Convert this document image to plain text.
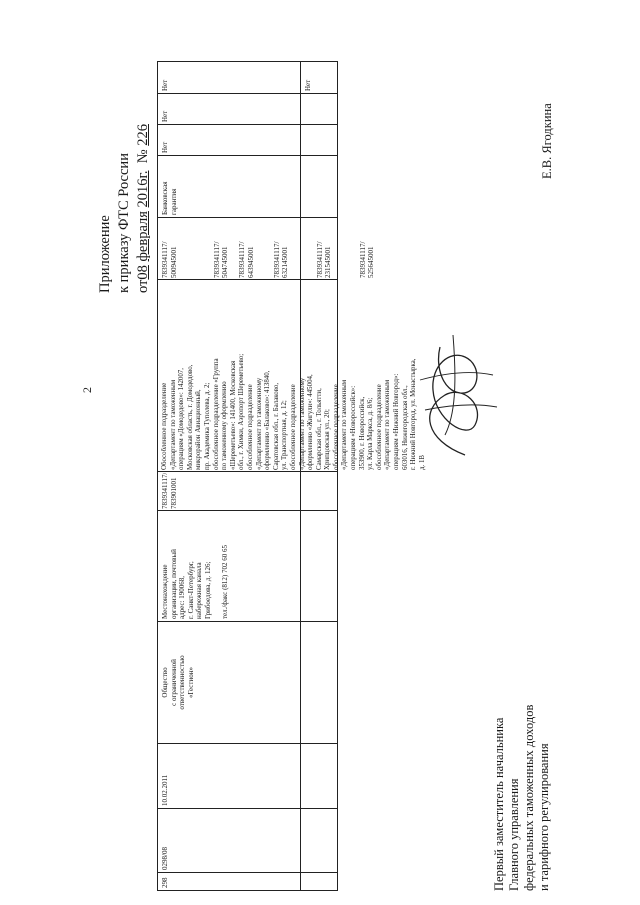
2
Приложение к приказу ФТС России от08 февраля 2016г.  № 226
298
0298/08
10.02.2011
Общество
с ограниченной
ответственностью
«Гестион»
Местонахождение
организации, почтовый
адрес: 190068,
г. Санкт-Петербург,
набережная канала
Грибоедова, д. 126;

тел./факс (812) 702 60 65
7839341117/
783901001
Обособленное подразделение
«Департамент по таможенным
операциям «Домодедово»: 142007,
Московская область, г. Домодедово,
микрорайон Авиационный,
пр. Академика Туполева, д. 2;
обособленное подразделение «Группа
по таможенному оформлению
«Шереметьево»: 141400, Московская
обл., г. Химки, Аэропорт Шереметьево;
обособленное подразделение
«Департамент по таможенному
оформлению «Балаково»: 413840,
Саратовская обл., г. Балаково,
ул. Транспортная, д. 12;
обособленное подразделение
«Департамент по таможенному
оформлению «Жигули»: 445004,
Самарская обл., г. Тольятти,
Хрипцовская ул., 20;
обособленное подразделение
«Департамент по таможенным
операциям «Новороссийск»:
353900, г. Новороссийск,
ул. Карла Маркса, д. 8/6;
обособленное подразделение
«Департамент по таможенным
операциям «Нижний Новгород»:
603016, Нижегородская обл.,
г. Нижний Новгород, ул. Монастырка,
д. 1В
7839341117/
500945001

7839341117/
504745001

7839341117/
643945001

7839341117/
632145001

7839341117/
231545001

7839341117/
525645001
Банковская
гарантия
Нет
Нет
Нет	Нет
Первый заместитель начальника Главного управления федеральных таможенных доходов и тарифного регулирования
Е.В. Ягодкина
